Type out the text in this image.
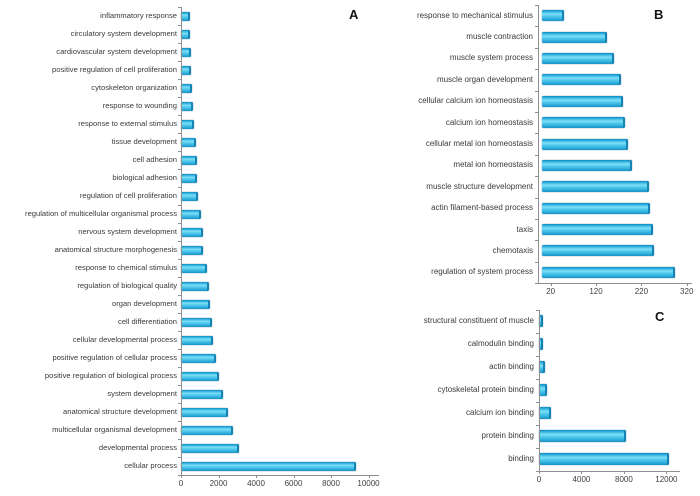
inflammatory response
circulatory system development
cardiovascular system development
positive regulation of cell proliferation
cytoskeleton organization
response to wounding
response to external stimulus
tissue development
cell adhesion
biological adhesion
regulation of cell proliferation
regulation of multicellular organismal process
nervous system development
anatomical structure morphogenesis
response to chemical stimulus
regulation of biological quality
organ development
cell differentiation
cellular developmental process
positive regulation of cellular process
positive regulation of biological process
system development
anatomical structure development
multicellular organismal development
developmental process
cellular process
0	2000 4000 6000 8000 10000
response to mechanical stimulus
muscle contraction
muscle system process
muscle organ development
cellular calcium ion homeostasis
calcium ion homeostasis
cellular metal ion homeostasis
metal ion homeostasis
muscle structure development
actin filament-based process
taxis
chemotaxis
regulation of system process
20	120	220	320
structural constituent of muscle
calmodulin binding
actin binding
cytoskeletal protein binding
calcium ion binding
protein binding
binding
0	4000	8000	12000
A	B
C
